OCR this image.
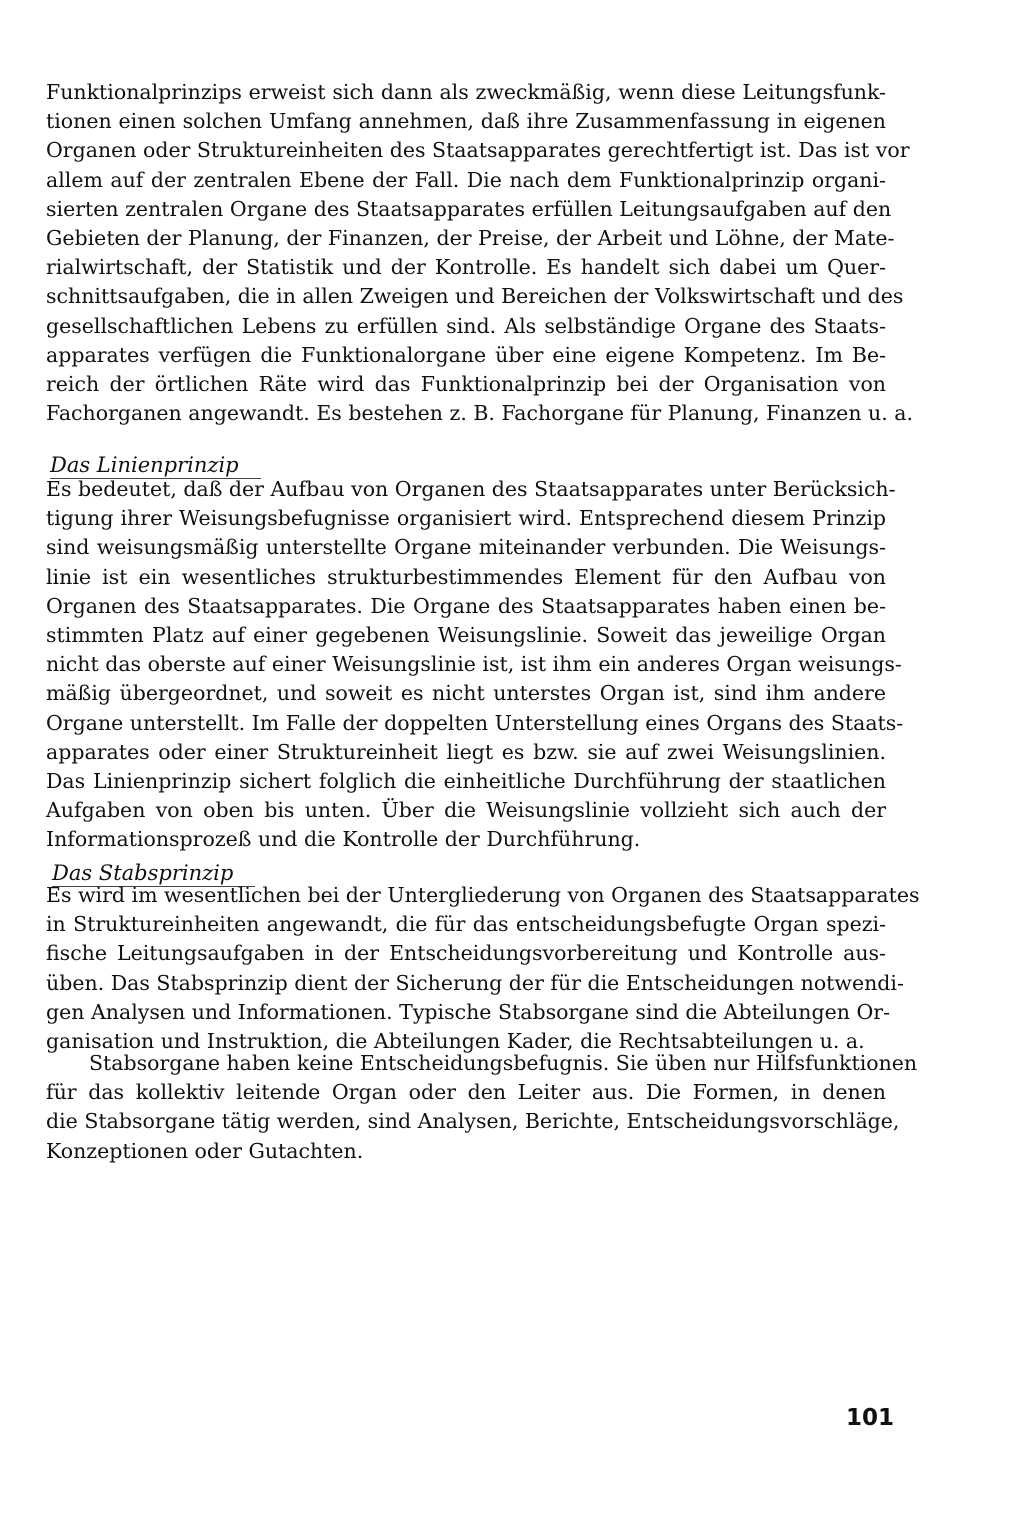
Funktionalprinzips erweist sich dann als zweckmäßig, wenn diese Leitungsfunk-
tionen einen solchen Umfang annehmen, daß ihre Zusammenfassung in eigenen
Organen oder Struktureinheiten des Staatsapparates gerechtfertigt ist. Das ist vor
allem auf der zentralen Ebene der Fall. Die nach dem Funktionalprinzip organi-
sierten zentralen Organe des Staatsapparates erfüllen Leitungsaufgaben auf den
Gebieten der Planung, der Finanzen, der Preise, der Arbeit und Löhne, der Mate-
rialwirtschaft, der Statistik und der Kontrolle. Es handelt sich dabei um Quer-
schnittsaufgaben, die in allen Zweigen und Bereichen der Volkswirtschaft und des
gesellschaftlichen Lebens zu erfüllen sind. Als selbständige Organe des Staats-
apparates verfügen die Funktionalorgane über eine eigene Kompetenz. Im Be-
reich der örtlichen Räte wird das Funktionalprinzip bei der Organisation von
Fachorganen angewandt. Es bestehen z. B. Fachorgane für Planung, Finanzen u. a.
Das Linienprinzip
Es bedeutet, daß der Aufbau von Organen des Staatsapparates unter Berücksich-
tigung ihrer Weisungsbefugnisse organisiert wird. Entsprechend diesem Prinzip
sind weisungsmäßig unterstellte Organe miteinander verbunden. Die Weisungs-
linie ist ein wesentliches strukturbestimmendes Element für den Aufbau von
Organen des Staatsapparates. Die Organe des Staatsapparates haben einen be-
stimmten Platz auf einer gegebenen Weisungslinie. Soweit das jeweilige Organ
nicht das oberste auf einer Weisungslinie ist, ist ihm ein anderes Organ weisungs-
mäßig übergeordnet, und soweit es nicht unterstes Organ ist, sind ihm andere
Organe unterstellt. Im Falle der doppelten Unterstellung eines Organs des Staats-
apparates oder einer Struktureinheit liegt es bzw. sie auf zwei Weisungslinien.
Das Linienprinzip sichert folglich die einheitliche Durchführung der staatlichen
Aufgaben von oben bis unten. Über die Weisungslinie vollzieht sich auch der
Informationsprozeß und die Kontrolle der Durchführung.
Das Stabsprinzip
Es wird im wesentlichen bei der Untergliederung von Organen des Staatsapparates
in Struktureinheiten angewandt, die für das entscheidungsbefugte Organ spezi-
fische Leitungsaufgaben in der Entscheidungsvorbereitung und Kontrolle aus-
üben. Das Stabsprinzip dient der Sicherung der für die Entscheidungen notwendi-
gen Analysen und Informationen. Typische Stabsorgane sind die Abteilungen Or-
ganisation und Instruktion, die Abteilungen Kader, die Rechtsabteilungen u. a.
Stabsorgane haben keine Entscheidungsbefugnis. Sie üben nur Hilfsfunktionen
für das kollektiv leitende Organ oder den Leiter aus. Die Formen, in denen
die Stabsorgane tätig werden, sind Analysen, Berichte, Entscheidungsvorschläge,
Konzeptionen oder Gutachten.
101
